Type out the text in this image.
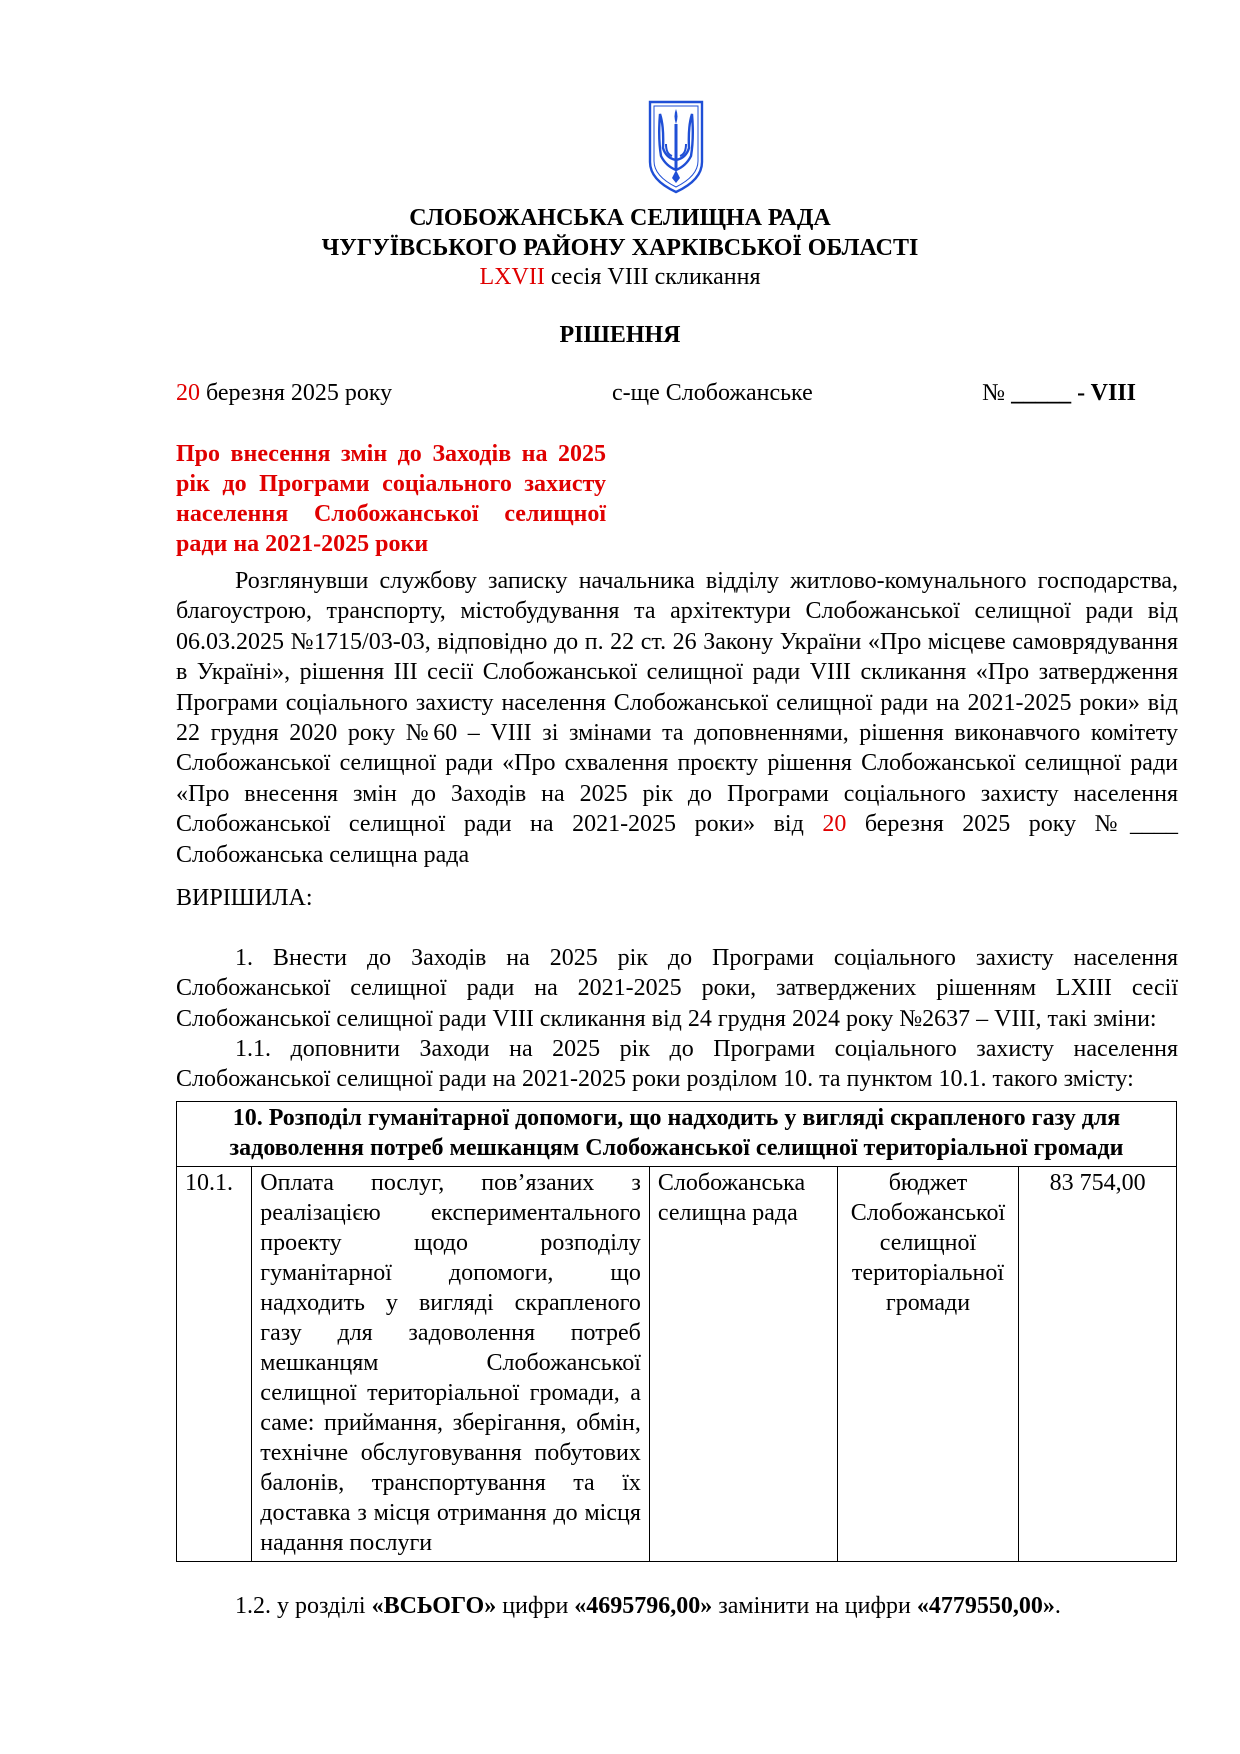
СЛОБОЖАНСЬКА СЕЛИЩНА РАДА
ЧУГУЇВСЬКОГО РАЙОНУ ХАРКІВСЬКОЇ ОБЛАСТІ
LXVII сесія VIII скликання
РІШЕННЯ
20 березня 2025 року	с-ще Слобожанське	№ _____ - VIII
Про внесення змін до Заходів на 2025 рік до Програми соціального захисту населення Слобожанської селищної ради на 2021-2025 роки
Розглянувши службову записку начальника відділу житлово-комунального господарства, благоустрою, транспорту, містобудування та архітектури Слобожанської селищної ради від 06.03.2025 №1715/03-03, відповідно до п. 22 ст. 26 Закону України «Про місцеве самоврядування в Україні», рішення ІІІ сесії Слобожанської селищної ради VIII скликання «Про затвердження Програми соціального захисту населення Слобожанської селищної ради на 2021-2025 роки» від 22 грудня 2020 року №60 – VIII зі змінами та доповненнями, рішення виконавчого комітету Слобожанської селищної ради «Про схвалення проєкту рішення Слобожанської селищної ради «Про внесення змін до Заходів на 2025 рік до Програми соціального захисту населення Слобожанської селищної ради на 2021-2025 роки» від 20 березня 2025 року №____ Слобожанська селищна рада
ВИРІШИЛА:
1. Внести до Заходів на 2025 рік до Програми соціального захисту населення Слобожанської селищної ради на 2021-2025 роки, затверджених рішенням LXIII сесії Слобожанської селищної ради VIII скликання від 24 грудня 2024 року №2637 – VIII, такі зміни:
1.1. доповнити Заходи на 2025 рік до Програми соціального захисту населення Слобожанської селищної ради на 2021-2025 роки розділом 10. та пунктом 10.1. такого змісту:
10. Розподіл гуманітарної допомоги, що надходить у вигляді скрапленого газу для задоволення потреб мешканцям Слобожанської селищної територіальної громади
10.1.	Оплата послуг, пов’язаних з реалізацією експериментального проекту щодо розподілу гуманітарної допомоги, що надходить у вигляді скрапленого газу для задоволення потреб мешканцям Слобожанської селищної територіальної громади, а саме: приймання, зберігання, обмін, технічне обслуговування побутових балонів, транспортування та їх доставка з місця отримання до місця надання послуги	Слобожанська селищна рада	бюджет Слобожанської селищної територіальної громади	83 754,00
1.2. у розділі «ВСЬОГО» цифри «4695796,00» замінити на цифри «4779550,00».
